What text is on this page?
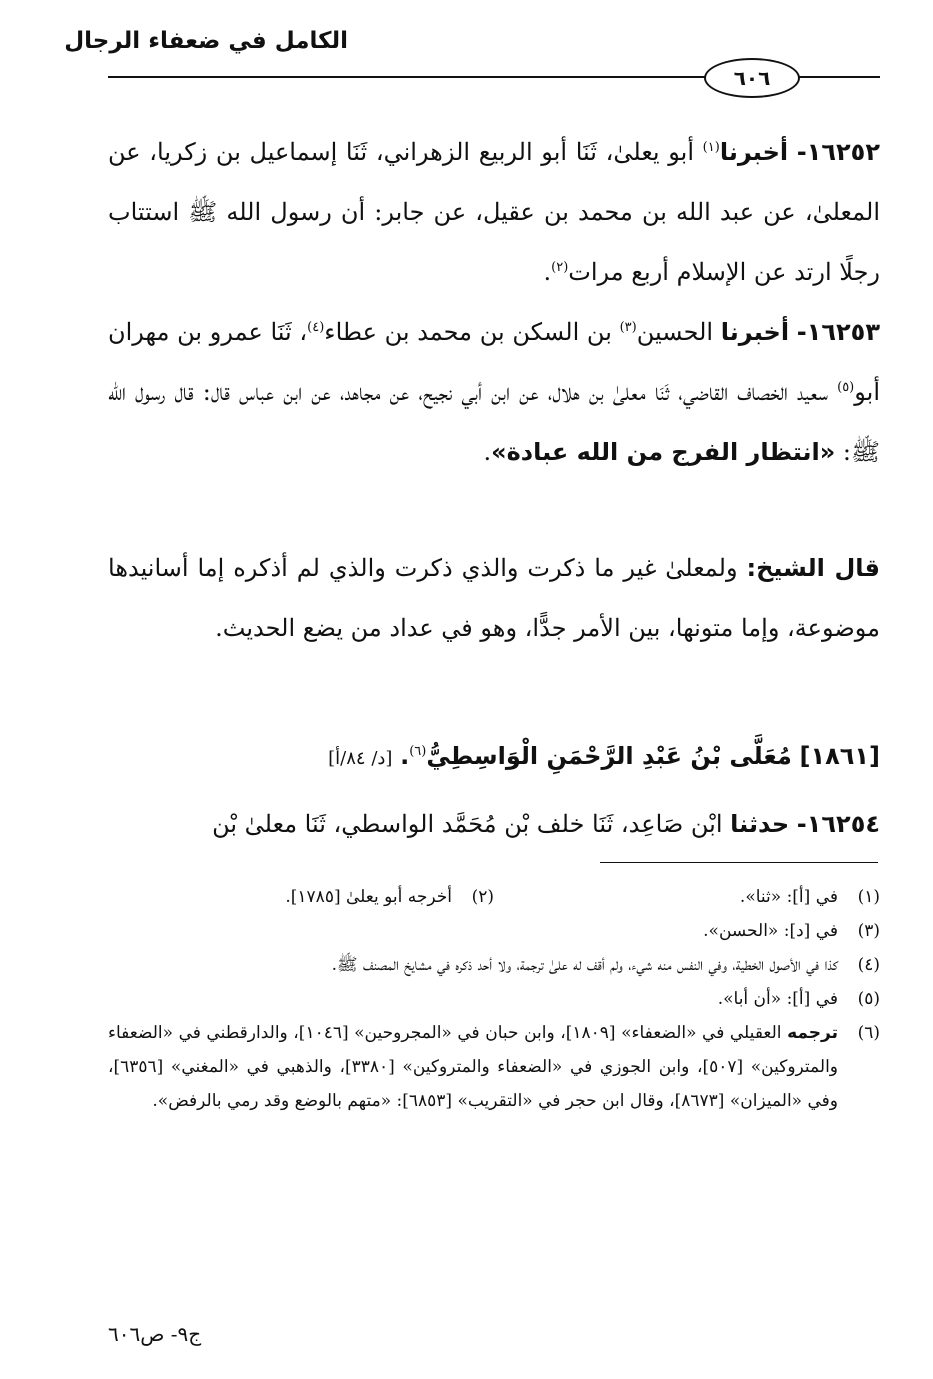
الكامل في ضعفاء الرجال
٦٠٦

١٦٢٥٢- أخبرنا$^{(١)}$ أبو يعلىٰ، ثَنَا أبو الربيع الزهراني، ثَنَا إسماعيل بن زكريا، عن المعلىٰ، عن عبد الله بن محمد بن عقيل، عن جابر: أن رسول الله ﷺ استتاب رجلًا ارتد عن الإسلام أربع مرات$^{(٢)}$.

١٦٢٥٣- أخبرنا الحسين$^{(٣)}$ بن السكن بن محمد بن عطاء$^{(٤)}$، ثَنَا عمرو بن مهران أبو$^{(٥)}$ سعيد الخصاف القاضي، ثَنَا معلىٰ بن هلال، عن ابن أبي نجيح، عن مجاهد، عن ابن عباس قال: قال رسول الله ﷺ: «انتظار الفرج من الله عبادة».

قال الشيخ: ولمعلىٰ غير ما ذكرت والذي ذكرت والذي لم أذكره إما أسانيدها موضوعة، وإما متونها، بين الأمر جدًّا، وهو في عداد من يضع الحديث.

[١٨٦١] مُعَلَّى بْنُ عَبْدِ الرَّحْمَنِ الْوَاسِطِيُّ$^{(٦)}$. [د/ ٨٤/أ]

١٦٢٥٤- حدثنا ابْن صَاعِد، ثَنَا خلف بْن مُحَمَّد الواسطي، ثَنَا معلىٰ بْن

(١)
في [أ]: «ثنا».
(٢)
أخرجه أبو يعلىٰ [١٧٨٥].
(٣)
في [د]: «الحسن».
(٤)
كذا في الأصول الخطية، وفي النفس منه شيء، ولم أقف له علىٰ ترجمة، ولا أحد ذكره في مشايخ المصنف ﷺ.
(٥)
في [أ]: «أن أبا».
(٦)
ترجمه العقيلي في «الضعفاء» [١٨٠٩]، وابن حبان في «المجروحين» [١٠٤٦]، والدارقطني في «الضعفاء والمتروكين» [٥٠٧]، وابن الجوزي في «الضعفاء والمتروكين» [٣٣٨٠]، والذهبي في «المغني» [٦٣٥٦]، وفي «الميزان» [٨٦٧٣]، وقال ابن حجر في «التقريب» [٦٨٥٣]: «متهم بالوضع وقد رمي بالرفض».
ج٩- ص٦٠٦
